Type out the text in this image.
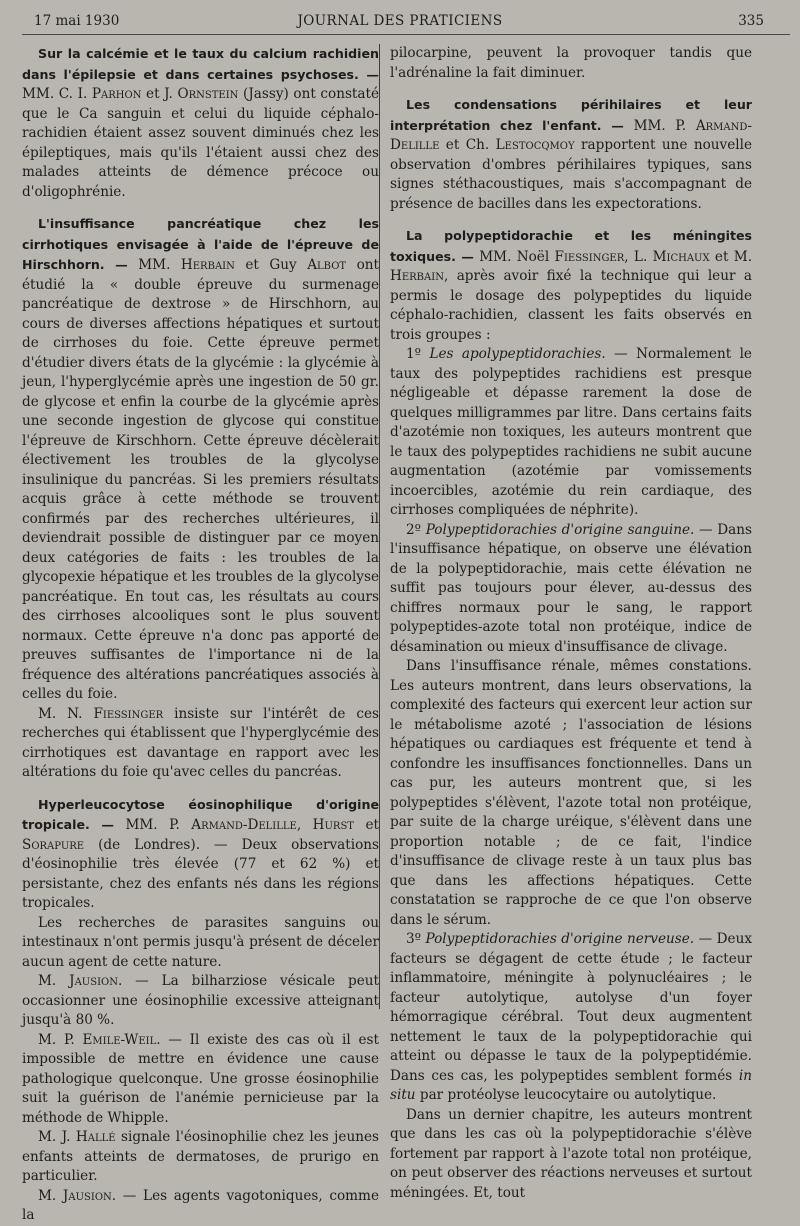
17 mai 1930	JOURNAL DES PRATICIENS	335

Sur la calcémie et le taux du calcium rachidien dans l'épilepsie et dans certaines psychoses. — MM. C. I. Parhon et J. Ornstein (Jassy) ont constaté que le Ca sanguin et celui du liquide céphalo-rachidien étaient assez souvent diminués chez les épileptiques, mais qu'ils l'étaient aussi chez des malades atteints de démence précoce ou d'oligophrénie.

L'insuffisance pancréatique chez les cirrhotiques envisagée à l'aide de l'épreuve de Hirschhorn. — MM. Herbain et Guy Albot ont étudié la « double épreuve du surmenage pancréatique de dextrose » de Hirschhorn, au cours de diverses affections hépatiques et surtout de cirrhoses du foie. Cette épreuve permet d'étudier divers états de la glycémie : la glycémie à jeun, l'hyperglycémie après une ingestion de 50 gr. de glycose et enfin la courbe de la glycémie après une seconde ingestion de glycose qui constitue l'épreuve de Kirschhorn. Cette épreuve décèlerait électivement les troubles de la glycolyse insulinique du pancréas. Si les premiers résultats acquis grâce à cette méthode se trouvent confirmés par des recherches ultérieures, il deviendrait possible de distinguer par ce moyen deux catégories de faits : les troubles de la glycopexie hépatique et les troubles de la glycolyse pancréatique. En tout cas, les résultats au cours des cirrhoses alcooliques sont le plus souvent normaux. Cette épreuve n'a donc pas apporté de preuves suffisantes de l'importance ni de la fréquence des altérations pancréatiques associés à celles du foie.

M. N. Fiessinger insiste sur l'intérêt de ces recherches qui établissent que l'hyperglycémie des cirrhotiques est davantage en rapport avec les altérations du foie qu'avec celles du pancréas.

Hyperleucocytose éosinophilique d'origine tropicale. — MM. P. Armand-Delille, Hurst et Sorapure (de Londres). — Deux observations d'éosinophilie très élevée (77 et 62 %) et persistante, chez des enfants nés dans les régions tropicales.

Les recherches de parasites sanguins ou intestinaux n'ont permis jusqu'à présent de déceler aucun agent de cette nature.

M. Jausion. — La bilharziose vésicale peut occasionner une éosinophilie excessive atteignant jusqu'à 80 %.

M. P. Emile-Weil. — Il existe des cas où il est impossible de mettre en évidence une cause pathologique quelconque. Une grosse éosinophilie suit la guérison de l'anémie pernicieuse par la méthode de Whipple.

M. J. Hallé signale l'éosinophilie chez les jeunes enfants atteints de dermatoses, de prurigo en particulier.

M. Jausion. — Les agents vagotoniques, comme la

pilocarpine, peuvent la provoquer tandis que l'adrénaline la fait diminuer.

Les condensations périhilaires et leur interprétation chez l'enfant. — MM. P. Armand-Delille et Ch. Lestocqmoy rapportent une nouvelle observation d'ombres périhilaires typiques, sans signes stéthacoustiques, mais s'accompagnant de présence de bacilles dans les expectorations.

La polypeptidorachie et les méningites toxiques. — MM. Noël Fiessinger, L. Michaux et M. Herbain, après avoir fixé la technique qui leur a permis le dosage des polypeptides du liquide céphalo-rachidien, classent les faits observés en trois groupes :

1º Les apolypeptidorachies. — Normalement le taux des polypeptides rachidiens est presque négligeable et dépasse rarement la dose de quelques milligrammes par litre. Dans certains faits d'azotémie non toxiques, les auteurs montrent que le taux des polypeptides rachidiens ne subit aucune augmentation (azotémie par vomissements incoercibles, azotémie du rein cardiaque, des cirrhoses compliquées de néphrite).

2º Polypeptidorachies d'origine sanguine. — Dans l'insuffisance hépatique, on observe une élévation de la polypeptidorachie, mais cette élévation ne suffit pas toujours pour élever, au-dessus des chiffres normaux pour le sang, le rapport polypeptides-azote total non protéique, indice de désamination ou mieux d'insuffisance de clivage.

Dans l'insuffisance rénale, mêmes constations. Les auteurs montrent, dans leurs observations, la complexité des facteurs qui exercent leur action sur le métabolisme azoté ; l'association de lésions hépatiques ou cardiaques est fréquente et tend à confondre les insuffisances fonctionnelles. Dans un cas pur, les auteurs montrent que, si les polypeptides s'élèvent, l'azote total non protéique, par suite de la charge uréique, s'élèvent dans une proportion notable ; de ce fait, l'indice d'insuffisance de clivage reste à un taux plus bas que dans les affections hépatiques. Cette constatation se rapproche de ce que l'on observe dans le sérum.

3º Polypeptidorachies d'origine nerveuse. — Deux facteurs se dégagent de cette étude ; le facteur inflammatoire, méningite à polynucléaires ; le facteur autolytique, autolyse d'un foyer hémorragique cérébral. Tout deux augmentent nettement le taux de la polypeptidorachie qui atteint ou dépasse le taux de la polypeptidémie. Dans ces cas, les polypeptides semblent formés in situ par protéolyse leucocytaire ou autolytique.

Dans un dernier chapitre, les auteurs montrent que dans les cas où la polypeptidorachie s'élève fortement par rapport à l'azote total non protéique, on peut observer des réactions nerveuses et surtout méningées. Et, tout
